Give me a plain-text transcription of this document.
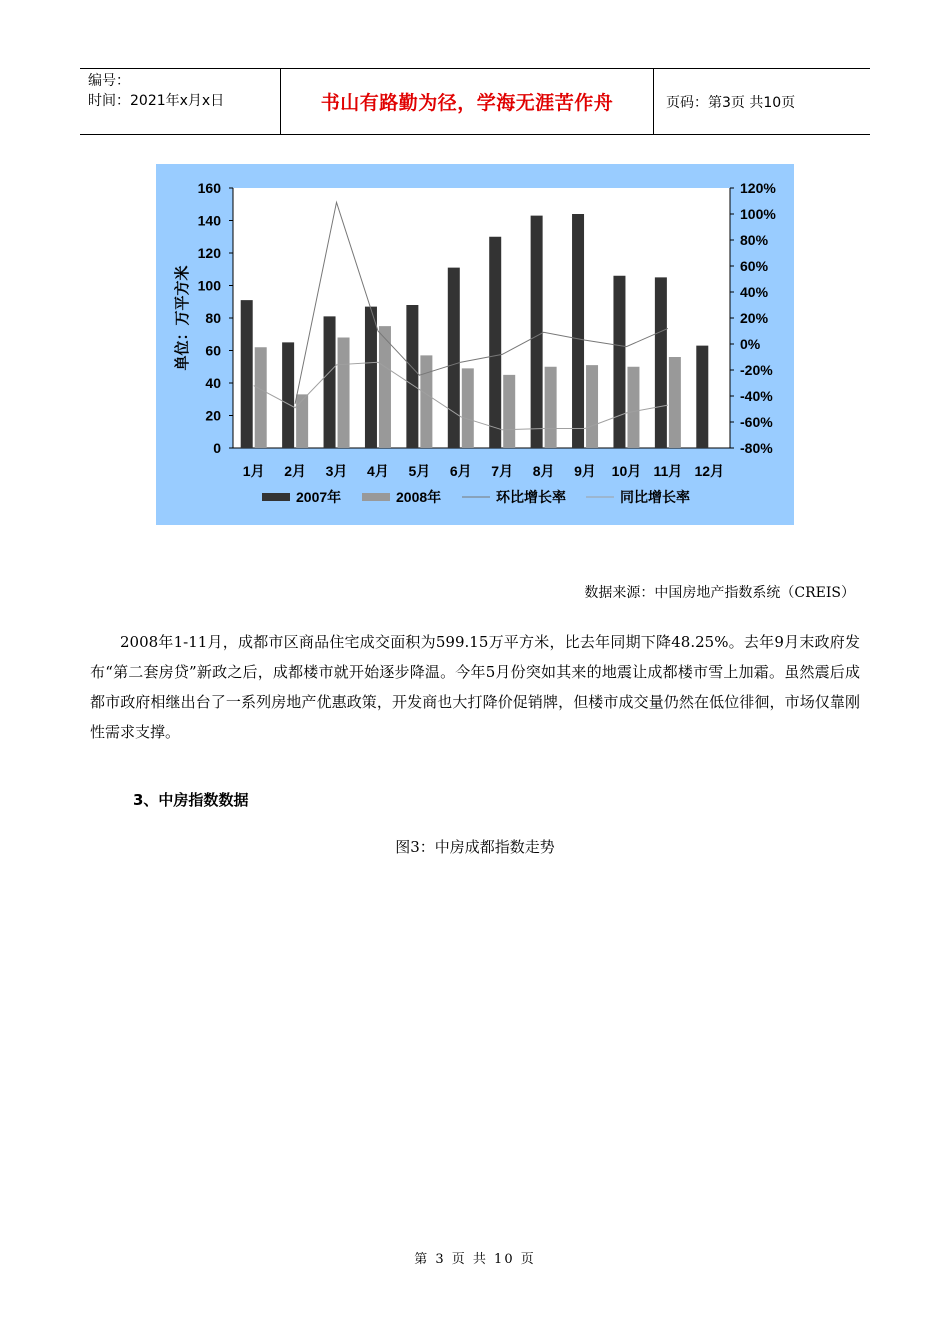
编号：
时间：2021年x月x日	书山有路勤为径，学海无涯苦作舟	页码：第3页 共10页
0
20
40
60
80
100
120
140
160
-80%
-60%
-40%
-20%
0%
20%
40%
60%
80%
100%
120%
单位：万平方米
1月 2月 3月 4月 5月 6月 7月 8月 9月 10月 11月 12月
2007年	2008年	环比增长率	同比增长率
数据来源：中国房地产指数系统（CREIS）

2008年1-11月，成都市区商品住宅成交面积为599.15万平方米，比去年同期下降48.25%。去年9月末政府发布“第二套房贷”新政之后，成都楼市就开始逐步降温。今年5月份突如其来的地震让成都楼市雪上加霜。虽然震后成都市政府相继出台了一系列房地产优惠政策，开发商也大打降价促销牌，但楼市成交量仍然在低位徘徊，市场仅靠刚性需求支撑。

3、中房指数数据
图3：中房成都指数走势
第 3 页 共 10 页
